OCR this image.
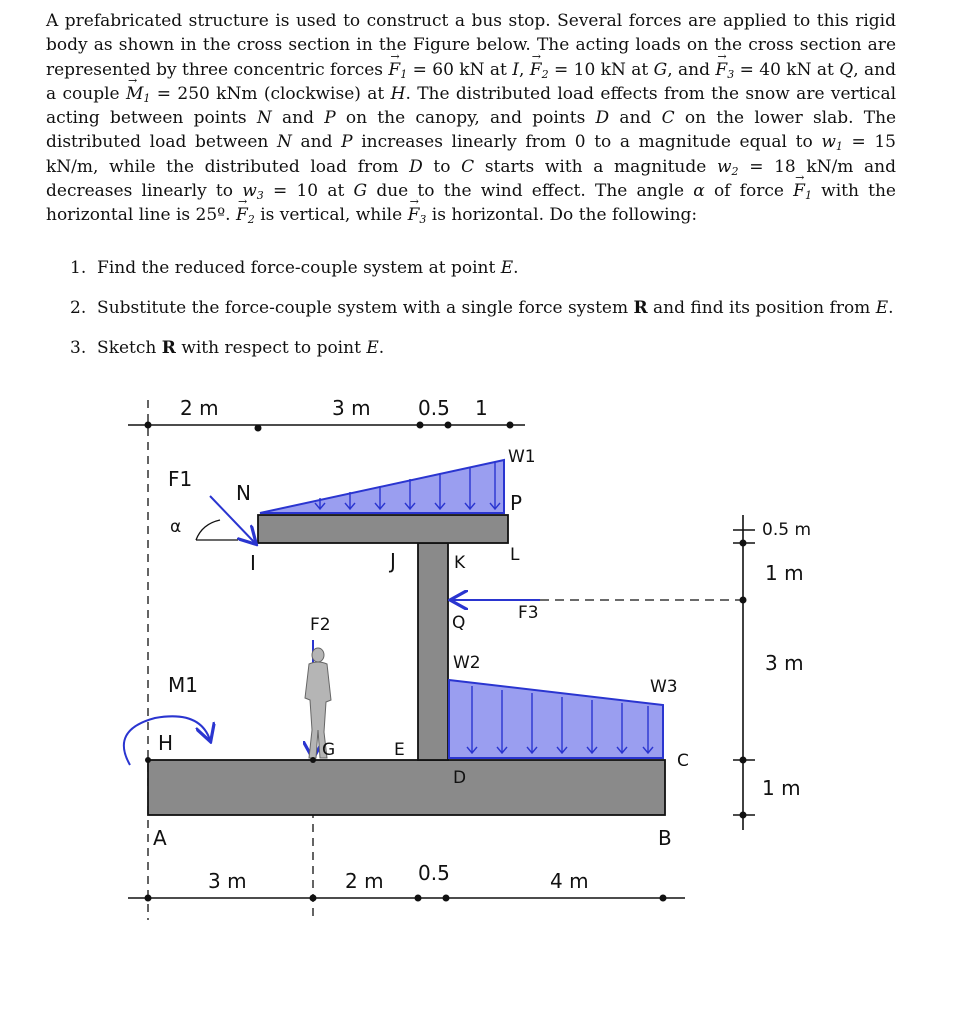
A prefabricated structure is used to construct a bus stop. Several forces are applied to this rigid body as shown in the cross section in the Figure below. The acting loads on the cross section are represented by three concentric forces → $F_1 = 60$ kN at I, → $F_2 = 10$ kN at G, and → $F_3 = 40$ kN at Q, and a couple → $M_1 = 250$ kNm (clockwise) at H. The distributed load effects from the snow are vertical acting between points N and P on the canopy, and points D and C on the lower slab. The distributed load between N and P increases linearly from 0 to a magnitude equal to $w_1 = 15$ kN/m, while the distributed load from D to C starts with a magnitude $w_2 = 18$ kN/m and decreases linearly to $w_3 = 10$ at G due to the wind effect. The angle α of force → $F_1$ with the horizontal line is 25º. → $F_2$ is vertical, while → $F_3$ is horizontal. Do the following:

1. Find the reduced force-couple system at point E.
2. Substitute the force-couple system with a single force system R and find its position from E.
3. Sketch R with respect to point E.
2 m	3 m 0.5 1
3 m	2 m 0.5	4 m
0.5 m
1 m
3 m
1 m
N
I	J	K	L
P
Q
G	E
D
C
B
A
H
F1
F2
F3
M1
W1
W2
W3
α
